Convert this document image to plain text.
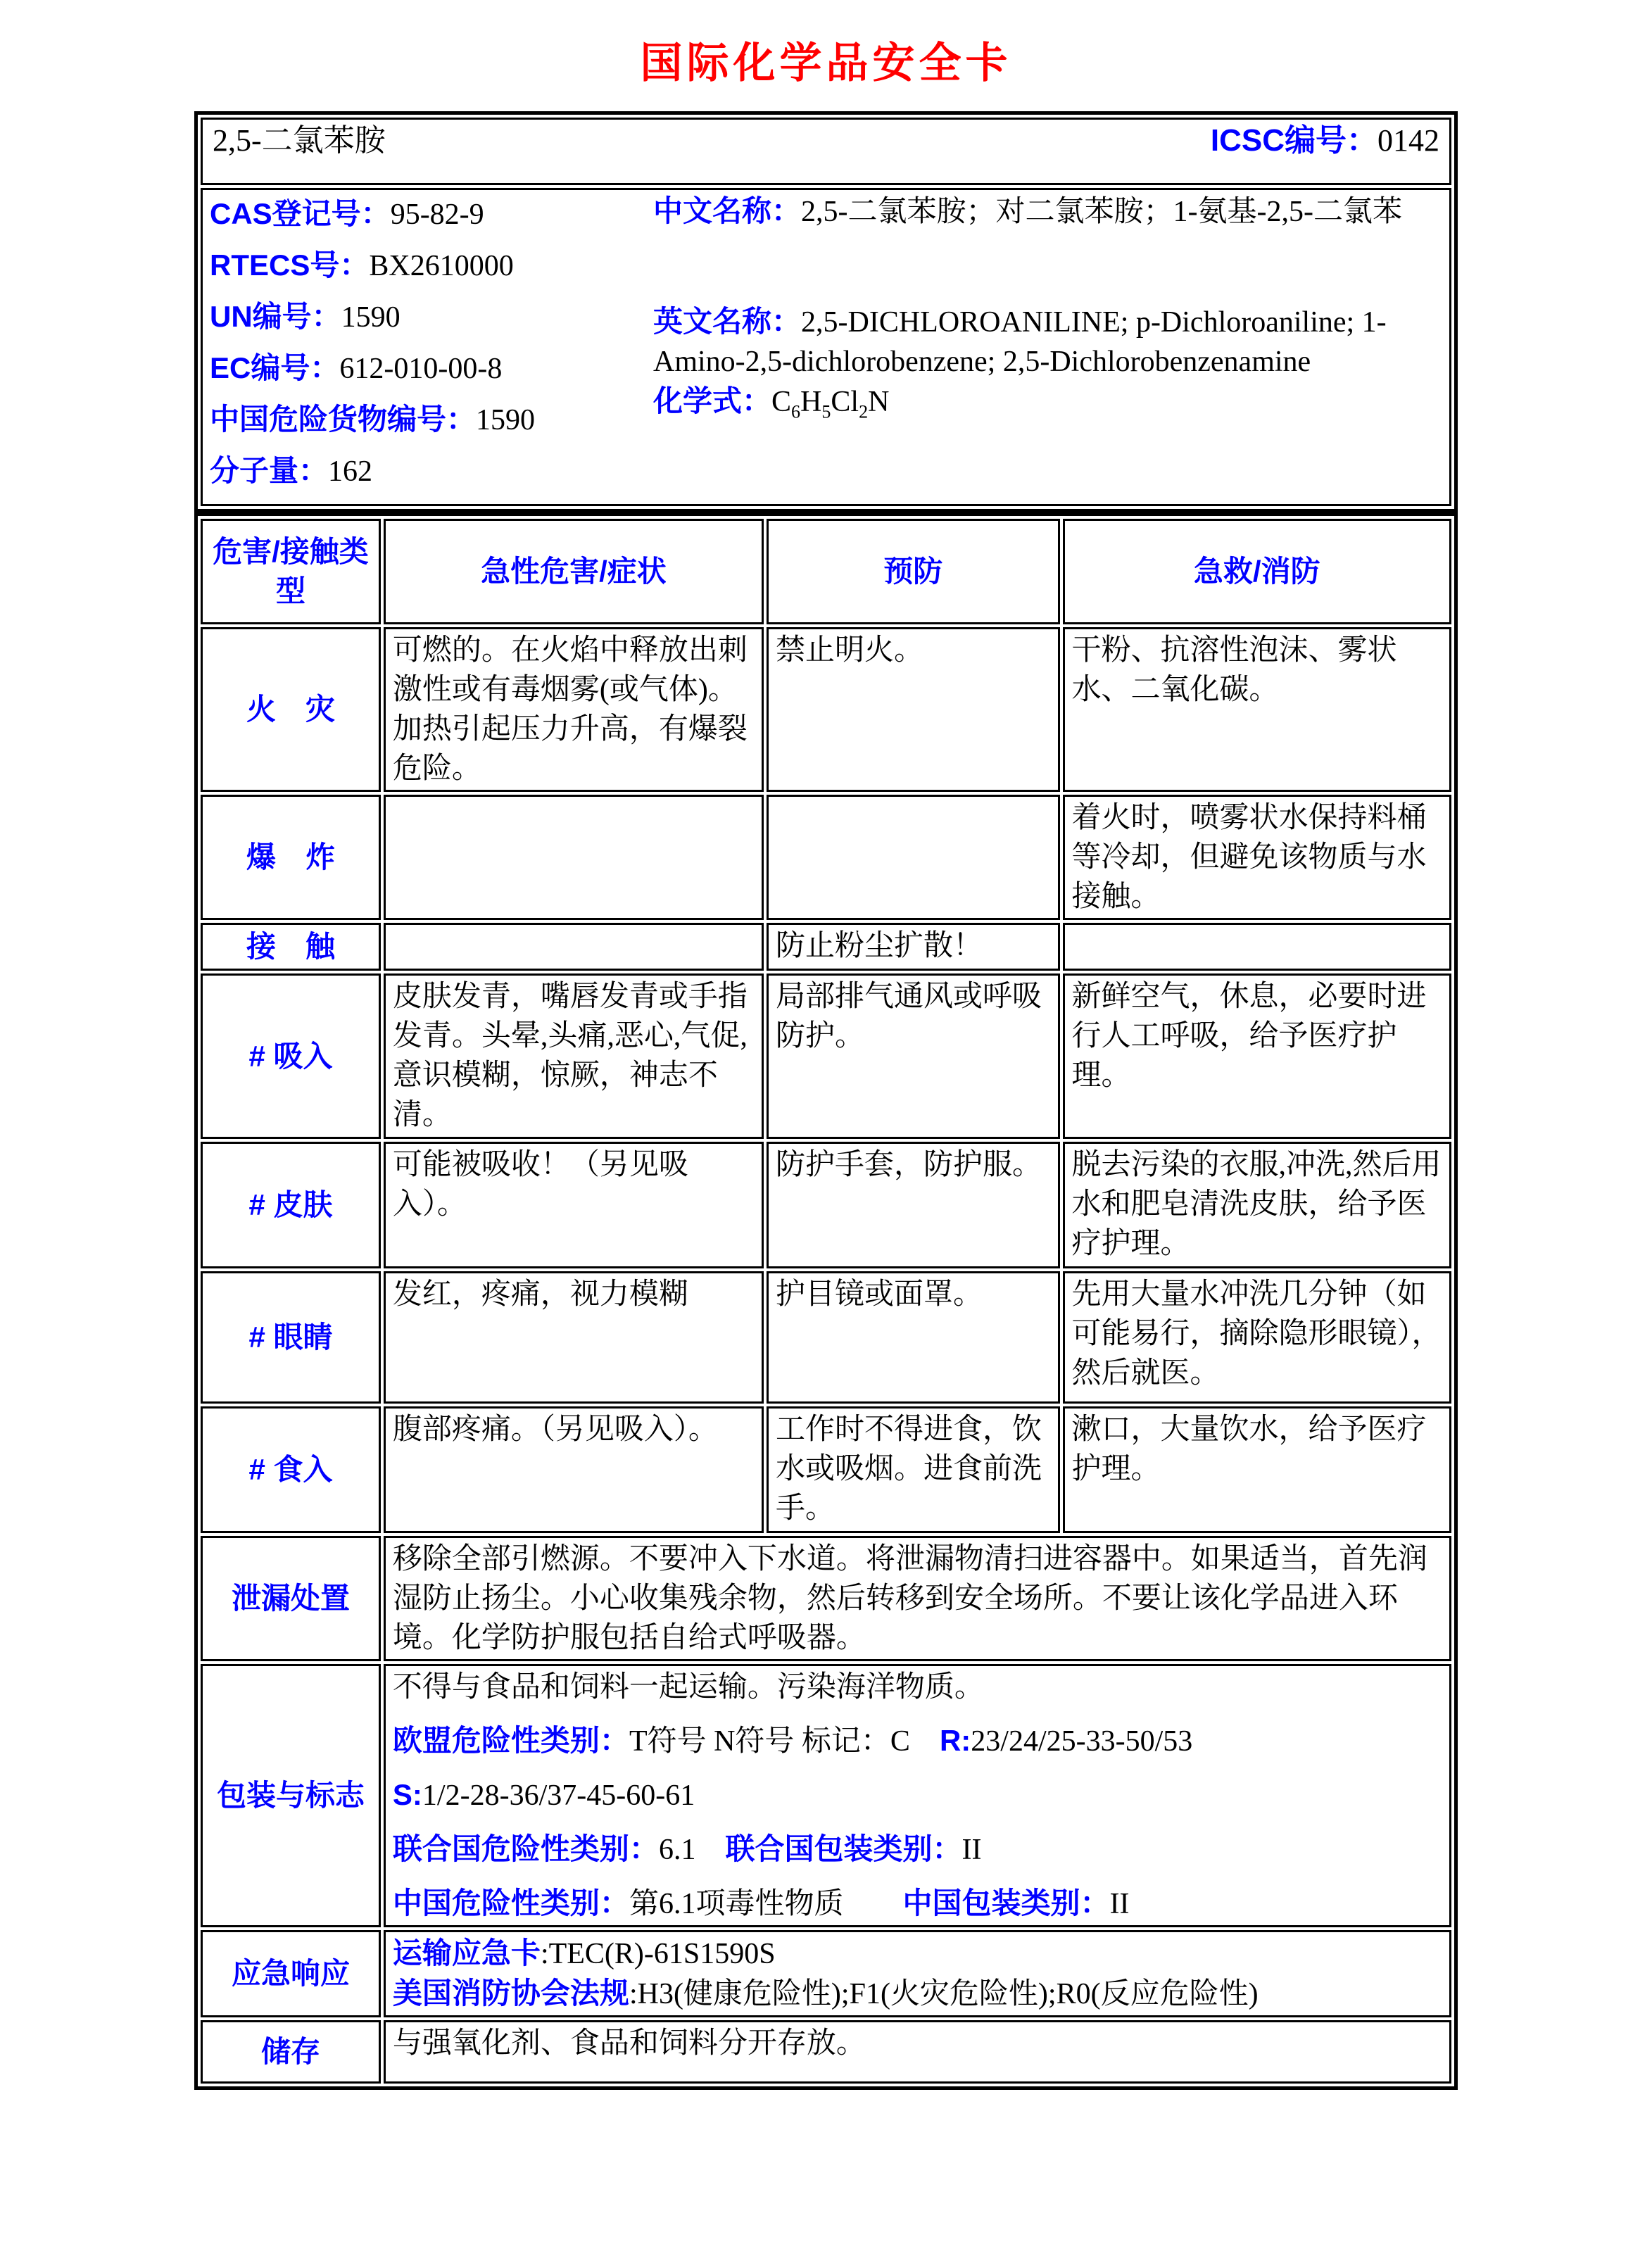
国际化学品安全卡
2,5-二氯苯胺	ICSC编号：0142

CAS登记号：95-82-9
RTECS号：BX2610000
UN编号：1590
EC编号：612-010-00-8
中国危险货物编号：1590
分子量：162
中文名称：2,5-二氯苯胺；对二氯苯胺；1-氨基-2,5-二氯苯
英文名称：2,5-DICHLOROANILINE; p-Dichloroaniline; 1-Amino-2,5-dichlorobenzene; 2,5-Dichlorobenzenamine
化学式：$C_6H_5Cl_2N$
危害/接触类型	急性危害/症状	预防	急救/消防
火　灾	可燃的。在火焰中释放出刺激性或有毒烟雾(或气体)。加热引起压力升高，有爆裂危险。	禁止明火。	干粉、抗溶性泡沫、雾状水、二氧化碳。
爆　炸			着火时，喷雾状水保持料桶等冷却，但避免该物质与水接触。
接　触		防止粉尘扩散！	
# 吸入	皮肤发青，嘴唇发青或手指发青。头晕,头痛,恶心,气促,意识模糊，惊厥，神志不清。	局部排气通风或呼吸防护。	新鲜空气，休息，必要时进行人工呼吸，给予医疗护理。
# 皮肤	可能被吸收！（另见吸入）。	防护手套，防护服。	脱去污染的衣服,冲洗,然后用水和肥皂清洗皮肤，给予医疗护理。
# 眼睛	发红，疼痛，视力模糊	护目镜或面罩。	先用大量水冲洗几分钟（如可能易行，摘除隐形眼镜），然后就医。
# 食入	腹部疼痛。（另见吸入）。	工作时不得进食，饮水或吸烟。进食前洗手。	漱口，大量饮水，给予医疗护理。
泄漏处置	移除全部引燃源。不要冲入下水道。将泄漏物清扫进容器中。如果适当，首先润湿防止扬尘。小心收集残余物，然后转移到安全场所。不要让该化学品进入环境。化学防护服包括自给式呼吸器。		

包装与标志	不得与食品和饲料一起运输。污染海洋物质。
欧盟危险性类别：T符号 N符号 标记：C　R:23/24/25-33-50/53
S:1/2-28-36/37-45-60-61
联合国危险性类别：6.1　联合国包装类别：II
中国危险性类别：第6.1项毒性物质　　中国包装类别：II		

应急响应	运输应急卡:TEC(R)-61S1590S
美国消防协会法规:H3(健康危险性);F1(火灾危险性);R0(反应危险性)		

储存	与强氧化剂、食品和饲料分开存放。		
